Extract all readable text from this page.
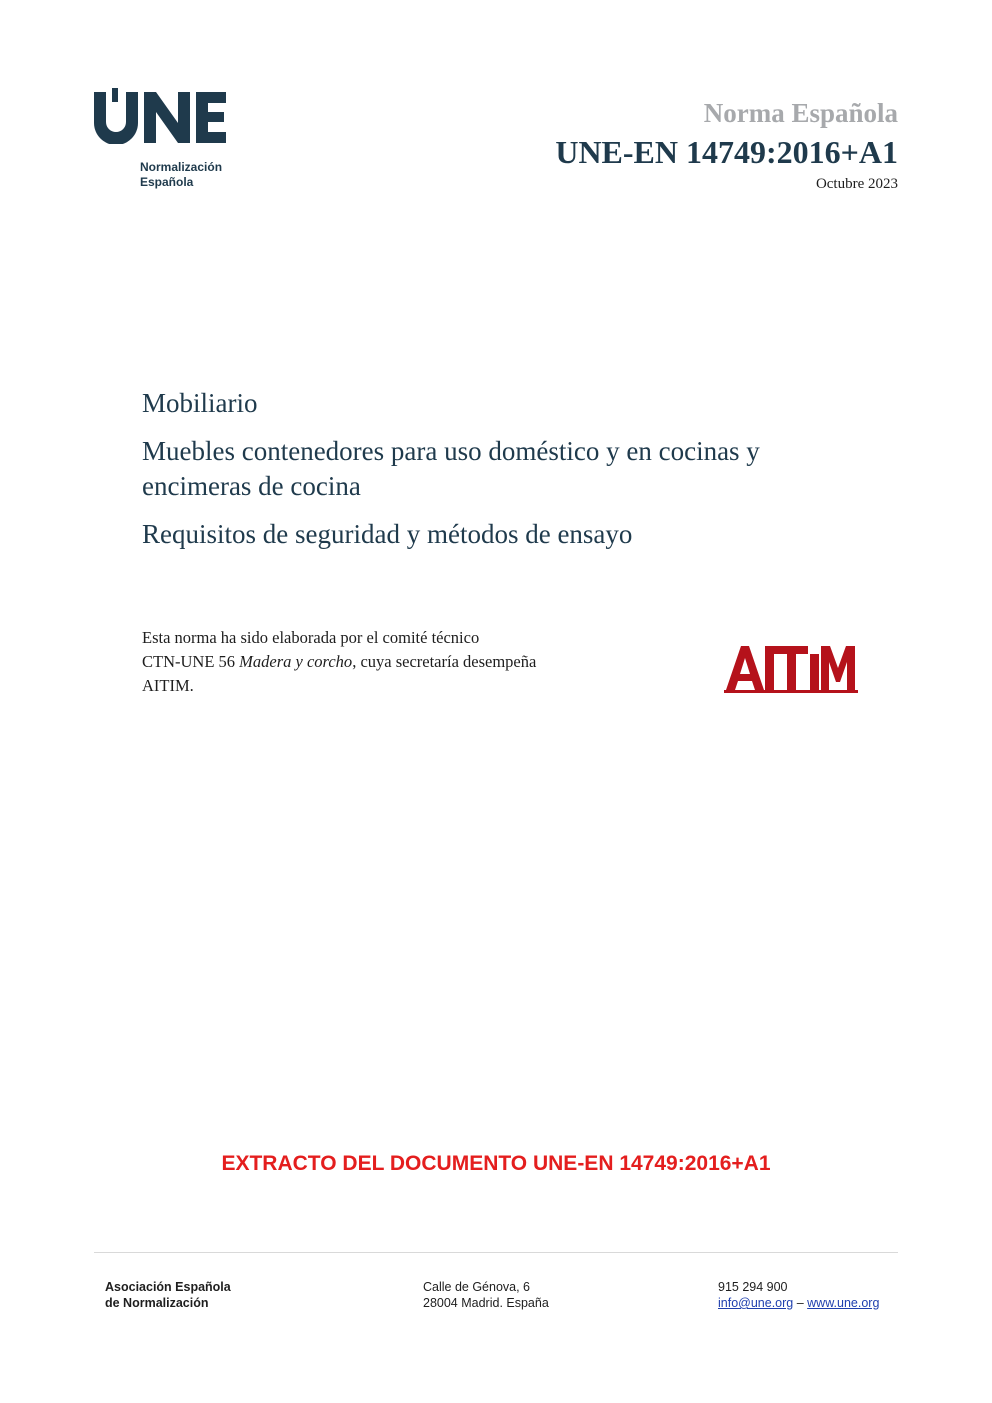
Normalización
Española
Norma Española
UNE-EN 14749:2016+A1
Octubre 2023
Mobiliario
Muebles contenedores para uso doméstico y en cocinas y encimeras de cocina
Requisitos de seguridad y métodos de ensayo
Esta norma ha sido elaborada por el comité técnico
CTN-UNE 56 Madera y corcho, cuya secretaría desempeña
AITIM.
EXTRACTO DEL DOCUMENTO UNE-EN 14749:2016+A1
Asociación Española
de Normalización
Calle de Génova, 6
28004 Madrid. España
915 294 900
info@une.org – www.une.org
